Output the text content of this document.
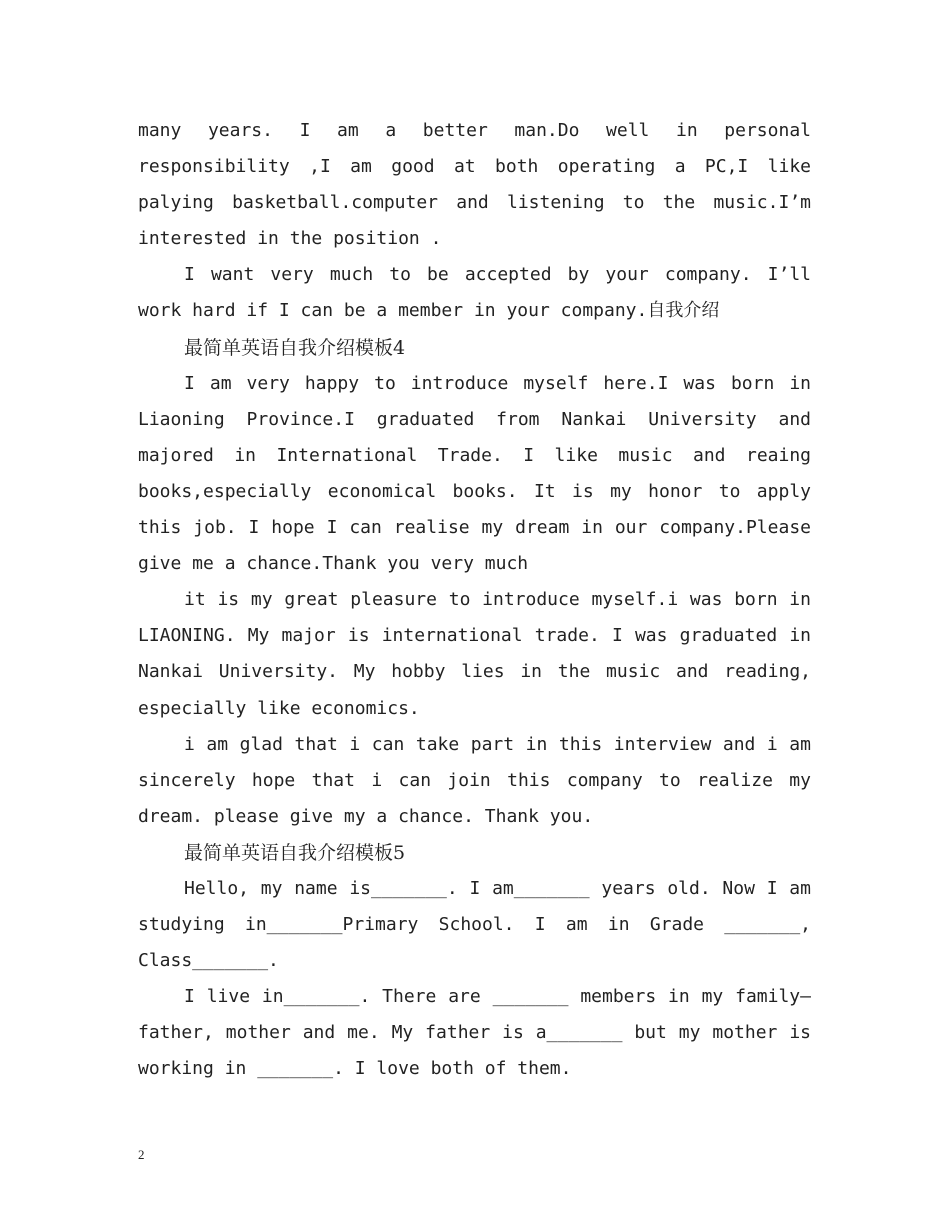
many years. I am a better man.Do well in personal
responsibility ,I am good at both operating a PC,I like
palying basketball.computer and listening to the music.I’m
interested in the position .
I want very much to be accepted by your company. I’ll
work hard if I can be a member in your company.自我介绍
最简单英语自我介绍模板4
I am very happy to introduce myself here.I was born in
Liaoning Province.I graduated from Nankai University and
majored in International Trade. I like music and reaing
books,especially economical books. It is my honor to apply
this job. I hope I can realise my dream in our company.Please
give me a chance.Thank you very much
it is my great pleasure to introduce myself.i was born in
LIAONING. My major is international trade. I was graduated in
Nankai University. My hobby lies in the music and reading,
especially like economics.
i am glad that i can take part in this interview and i am
sincerely hope that i can join this company to realize my
dream. please give my a chance. Thank you.
最简单英语自我介绍模板5
Hello, my name is_______. I am_______ years old. Now I am
studying in_______Primary School. I am in Grade _______,
Class_______.
I live in_______. There are _______ members in my family—
father, mother and me. My father is a_______ but my mother is
working in _______. I love both of them.
2
